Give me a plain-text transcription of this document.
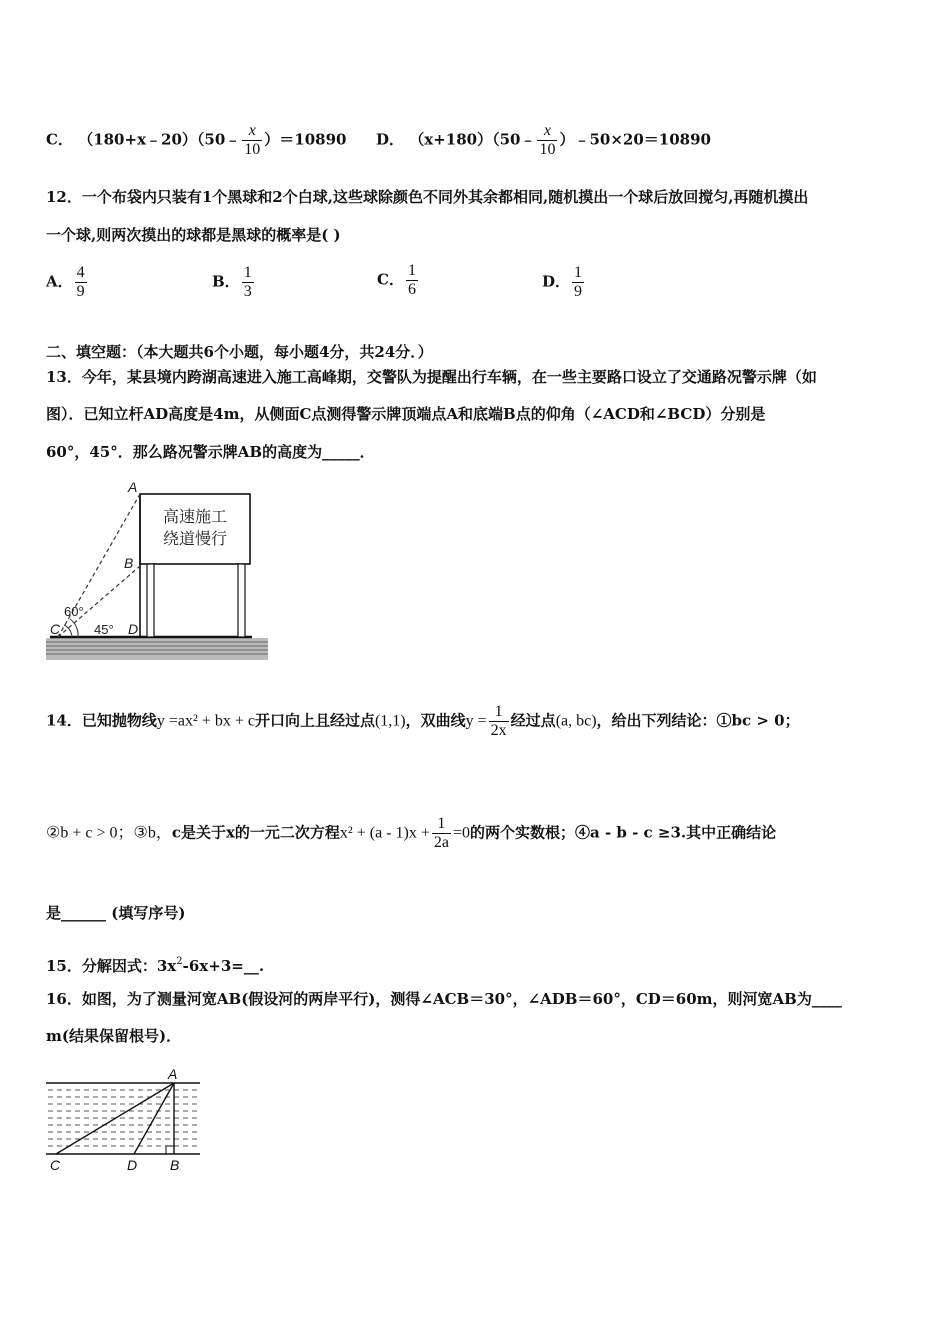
C． （180+x﹣20）（50﹣ $\frac{x}{10} )=10890$ D． （x+180）（50﹣ $\frac{x}{10}$ ）﹣50×20＝10890
12．一个布袋内只装有1个黑球和2个白球,这些球除颜色不同外其余都相同,随机摸出一个球后放回搅匀,再随机摸出
一个球,则两次摸出的球都是黑球的概率是( )
A． $\frac{4}{9}$	B． $\frac{1}{3}$	C． $\frac{1}{6}$	D． $\frac{1}{9}$
二、填空题：（本大题共6个小题，每小题4分，共24分．）
13．今年，某县境内跨湖高速进入施工高峰期，交警队为提醒出行车辆，在一些主要路口设立了交通路况警示牌（如
图）．已知立杆AD高度是4m，从侧面C点测得警示牌顶端点A和底端B点的仰角（∠ACD和∠BCD）分别是
60°，45°．那么路况警示牌AB的高度为_____．
高速施工
绕道慢行
A
B
C	D
60°
45°
14．已知抛物线y =ax² + bx + c开口向上且经过点(1,1)，双曲线$y = \frac{1}{2x}$ 经过点(a, bc)，给出下列结论：①bc > 0；
②b + c > 0；③b，c是关于x的一元二次方程$x^2 + (a - 1)x + \frac{1}{2a} =0$的两个实数根；④a - b - c ≥3.其中正确结论
是______ (填写序号)
15．分解因式：$3x^2-6x+3=\_\_$.
16．如图，为了测量河宽AB(假设河的两岸平行)，测得∠ACB＝30°，∠ADB＝60°，CD＝60m，则河宽AB为____
m(结果保留根号)．
A
B
C	D
